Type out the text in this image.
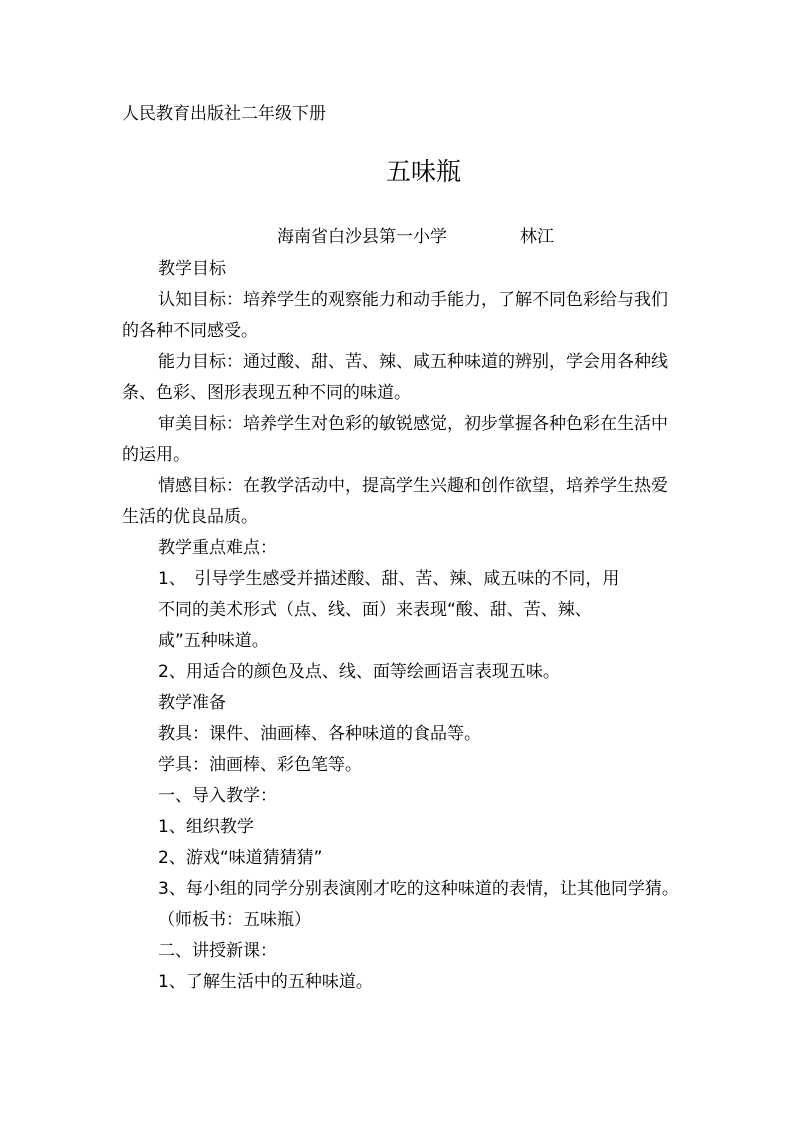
人民教育出版社二年级下册
五味瓶
海南省白沙县第一小学	林江

教学目标

认知目标：培养学生的观察能力和动手能力，了解不同色彩给与我们的各种不同感受。

能力目标：通过酸、甜、苦、辣、咸五种味道的辨别，学会用各种线条、色彩、图形表现五种不同的味道。

审美目标：培养学生对色彩的敏锐感觉，初步掌握各种色彩在生活中的运用。

情感目标：在教学活动中，提高学生兴趣和创作欲望，培养学生热爱生活的优良品质。

教学重点难点：

1、　引导学生感受并描述酸、甜、苦、辣、咸五味的不同，用

不同的美术形式（点、线、面）来表现“酸、甜、苦、辣、

咸”五种味道。

2、用适合的颜色及点、线、面等绘画语言表现五味。

教学准备

教具：课件、油画棒、各种味道的食品等。

学具：油画棒、彩色笔等。

一、导入教学：

1、组织教学

2、游戏“味道猜猜猜”

3、每小组的同学分别表演刚才吃的这种味道的表情，让其他同学猜。

（师板书：五味瓶）

二、讲授新课：

1、了解生活中的五种味道。
